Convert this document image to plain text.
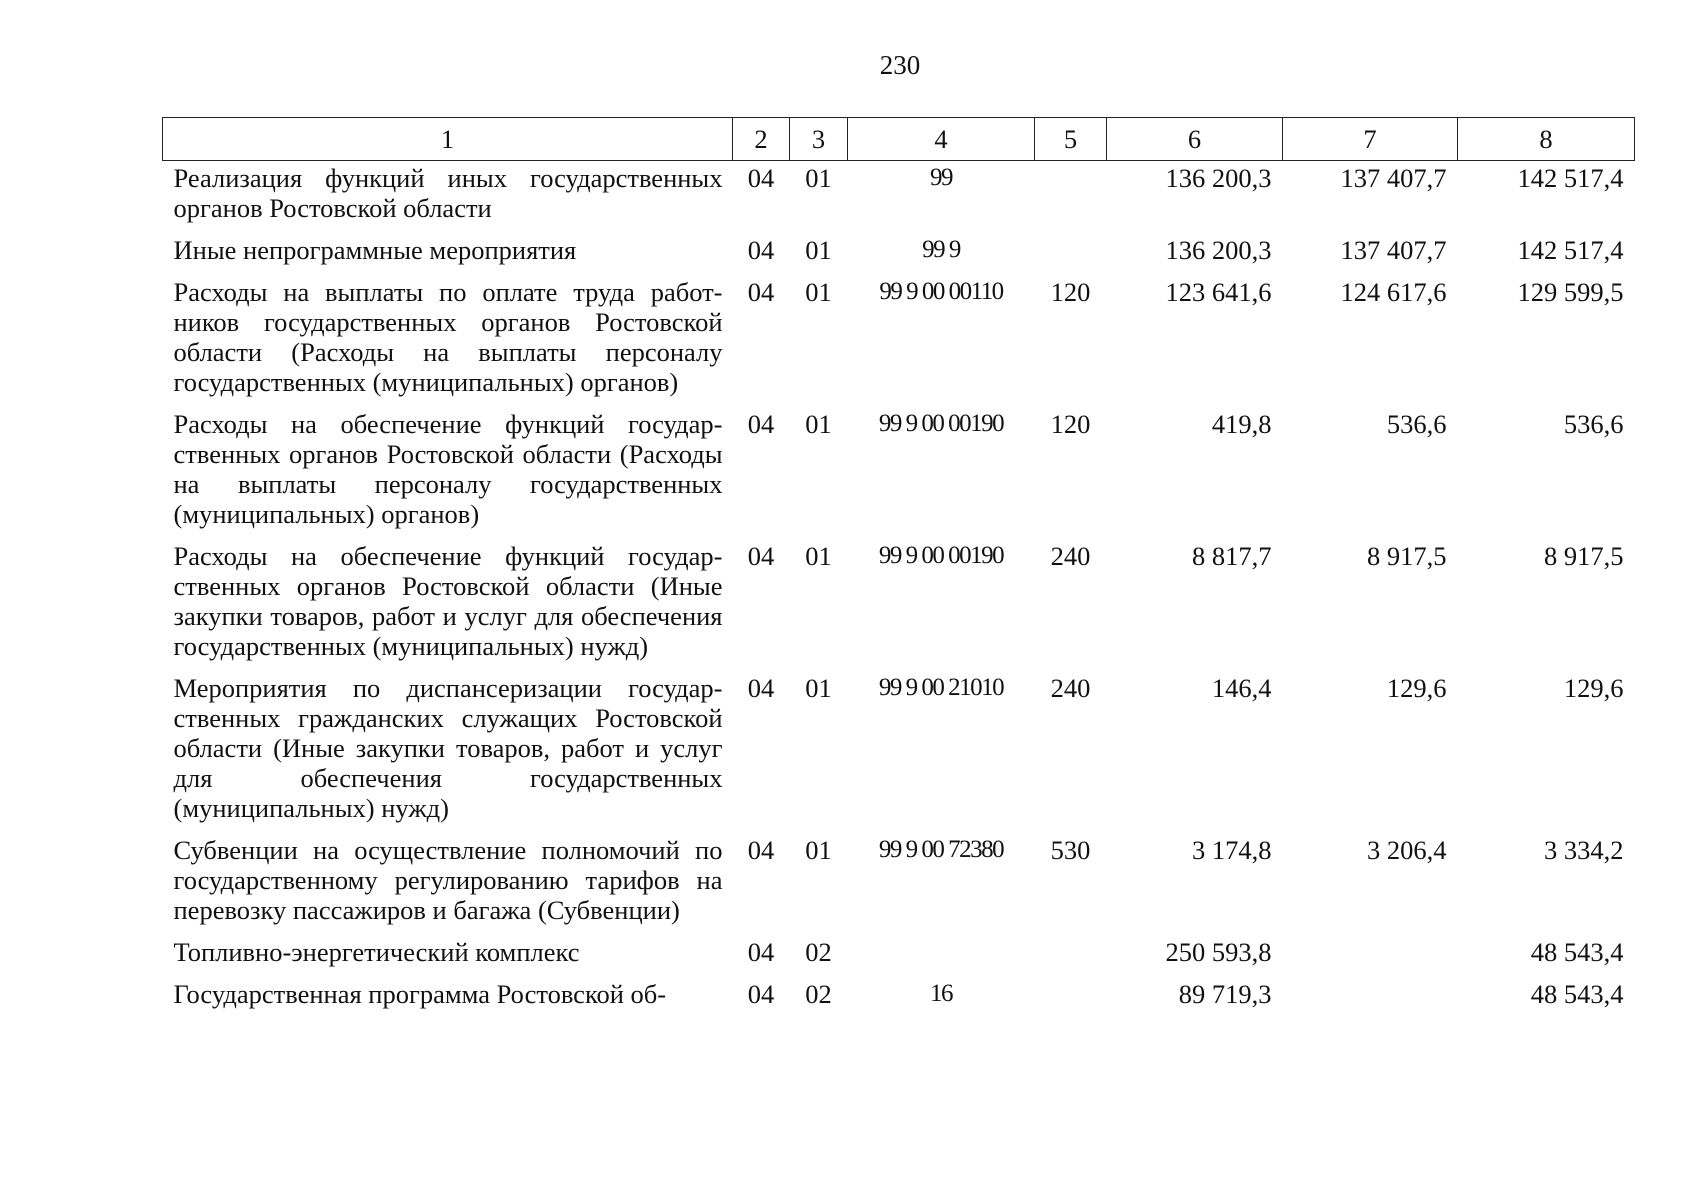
230
1	2	3	4	5	6	7	8
Реализация функций иных государственных органов Ростовской области	04	01	99		136 200,3	137 407,7	142 517,4
Иные непрограммные мероприятия	04	01	99 9		136 200,3	137 407,7	142 517,4
Расходы на выплаты по оплате труда работников государственных органов Ростовской области (Расходы на выплаты персоналу государственных (муниципальных) органов)	04	01	99 9 00 00110	120	123 641,6	124 617,6	129 599,5
Расходы на обеспечение функций государственных органов Ростовской области (Расходы на выплаты персоналу государственных (муниципальных) органов)	04	01	99 9 00 00190	120	419,8	536,6	536,6
Расходы на обеспечение функций государственных органов Ростовской области (Иные закупки товаров, работ и услуг для обеспечения государственных (муниципальных) нужд)	04	01	99 9 00 00190	240	8 817,7	8 917,5	8 917,5
Мероприятия по диспансеризации государственных гражданских служащих Ростовской области (Иные закупки товаров, работ и услуг для обеспечения государственных (муниципальных) нужд)	04	01	99 9 00 21010	240	146,4	129,6	129,6
Субвенции на осуществление полномочий по государственному регулированию тарифов на перевозку пассажиров и багажа (Субвенции)	04	01	99 9 00 72380	530	3 174,8	3 206,4	3 334,2
Топливно-энергетический комплекс	04	02			250 593,8		48 543,4
Государственная программа Ростовской об-	04	02	16		89 719,3		48 543,4
